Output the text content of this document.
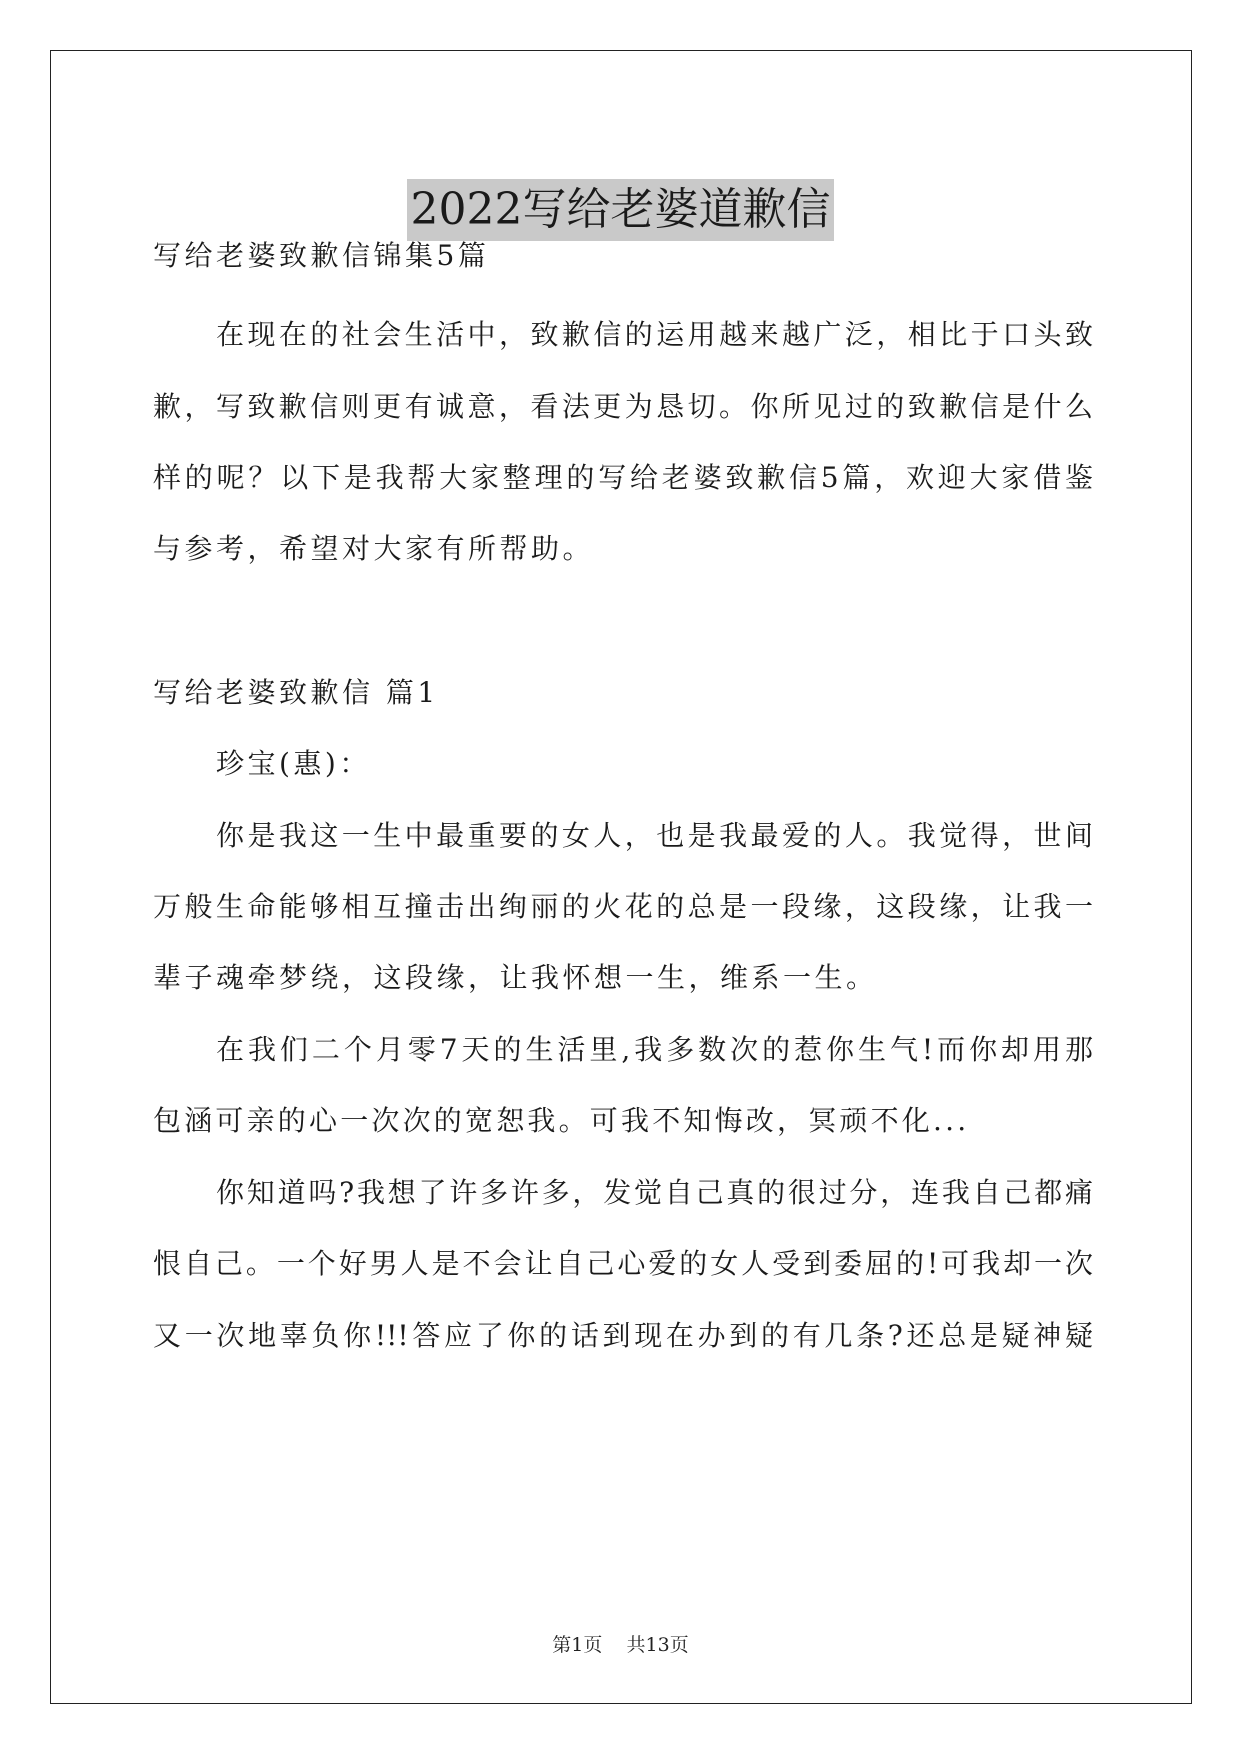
2022写给老婆道歉信
写给老婆致歉信锦集5篇
在现在的社会生活中，致歉信的运用越来越广泛，相比于口头致
歉，写致歉信则更有诚意，看法更为恳切。你所见过的致歉信是什么
样的呢？以下是我帮大家整理的写给老婆致歉信5篇，欢迎大家借鉴
与参考，希望对大家有所帮助。
写给老婆致歉信 篇1
珍宝(惠)：
你是我这一生中最重要的女人，也是我最爱的人。我觉得，世间
万般生命能够相互撞击出绚丽的火花的总是一段缘，这段缘，让我一
辈子魂牵梦绕，这段缘，让我怀想一生，维系一生。
在我们二个月零7天的生活里,我多数次的惹你生气!而你却用那
包涵可亲的心一次次的宽恕我。可我不知悔改，冥顽不化...
你知道吗?我想了许多许多，发觉自己真的很过分，连我自己都痛
恨自己。一个好男人是不会让自己心爱的女人受到委屈的!可我却一次
又一次地辜负你!!!答应了你的话到现在办到的有几条?还总是疑神疑
第1页 共13页
